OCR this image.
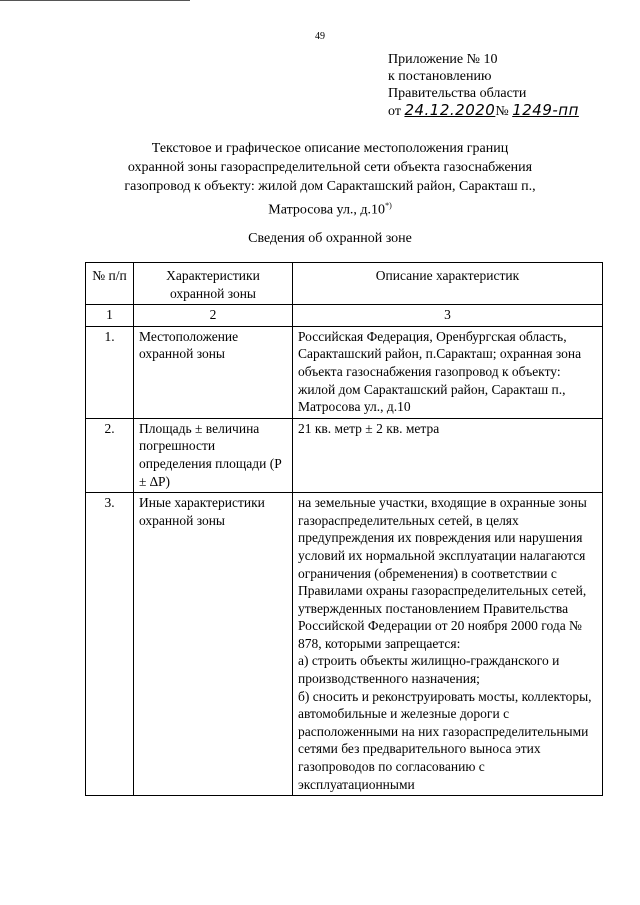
49
Приложение № 10
к постановлению
Правительства области
от 24.12.2020№ 1249-пп
Текстовое и графическое описание местоположения границ
охранной зоны газораспределительной сети объекта газоснабжения
газопровод к объекту: жилой дом Саракташский район, Саракташ п.,
Матросова ул., д.10*)
Сведения об охранной зоне
№ п/п	Характеристики охранной зоны	Описание характеристик
1	2	3
1.	Местоположение охранной зоны	Российская Федерация, Оренбургская область, Саракташский район, п.Саракташ; охранная зона объекта газоснабжения газопровод к объекту: жилой дом Саракташский район, Саракташ п., Матросова ул., д.10
2.	Площадь ± величина погрешности определения площади (Р ± ∆Р)	21 кв. метр ± 2 кв. метра
3.	Иные характеристики охранной зоны	на земельные участки, входящие в охранные зоны газораспределительных сетей, в целях предупреждения их повреждения или нарушения условий их нормальной эксплуатации налагаются ограничения (обременения) в соответствии с Правилами охраны газораспределительных сетей, утвержденных постановлением Правительства Российской Федерации от 20 ноября 2000 года № 878, которыми запрещается:

а) строить объекты жилищно-гражданского и производственного назначения;

б) сносить и реконструировать мосты, коллекторы, автомобильные и железные дороги с расположенными на них газораспределительными сетями без предварительного выноса этих газопроводов по согласованию с эксплуатационными
